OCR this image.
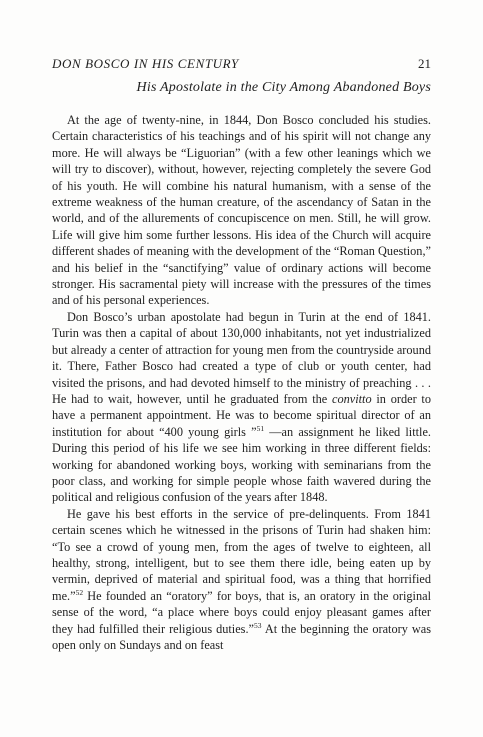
DON BOSCO IN HIS CENTURY	21
His Apostolate in the City Among Abandoned Boys

At the age of twenty-nine, in 1844, Don Bosco concluded his studies. Certain characteristics of his teachings and of his spirit will not change any more. He will always be “Liguorian” (with a few other leanings which we will try to discover), without, however, rejecting completely the severe God of his youth. He will combine his natural humanism, with a sense of the extreme weakness of the human creature, of the ascendancy of Satan in the world, and of the allurements of concupiscence on men. Still, he will grow. Life will give him some further lessons. His idea of the Church will acquire different shades of meaning with the development of the “Roman Question,” and his belief in the “sanctifying” value of ordinary actions will become stronger. His sacramental piety will increase with the pressures of the times and of his personal experiences.

Don Bosco’s urban apostolate had begun in Turin at the end of 1841. Turin was then a capital of about 130,000 inhabitants, not yet industrialized but already a center of attraction for young men from the countryside around it. There, Father Bosco had created a type of club or youth center, had visited the prisons, and had devoted himself to the ministry of preaching . . . He had to wait, however, until he graduated from the convitto in order to have a permanent appointment. He was to become spiritual director of an institution for about “400 young girls ”$^{51}$ —an assignment he liked little. During this period of his life we see him working in three different fields: working for abandoned working boys, working with seminarians from the poor class, and working for simple people whose faith wavered during the political and religious confusion of the years after 1848.

He gave his best efforts in the service of pre-delinquents. From 1841 certain scenes which he witnessed in the prisons of Turin had shaken him: “To see a crowd of young men, from the ages of twelve to eighteen, all healthy, strong, intelligent, but to see them there idle, being eaten up by vermin, deprived of material and spiritual food, was a thing that horrified me.”$^{52}$ He founded an “oratory” for boys, that is, an oratory in the original sense of the word, “a place where boys could enjoy pleasant games after they had fulfilled their religious duties.”$^{53}$ At the beginning the oratory was open only on Sundays and on feast
